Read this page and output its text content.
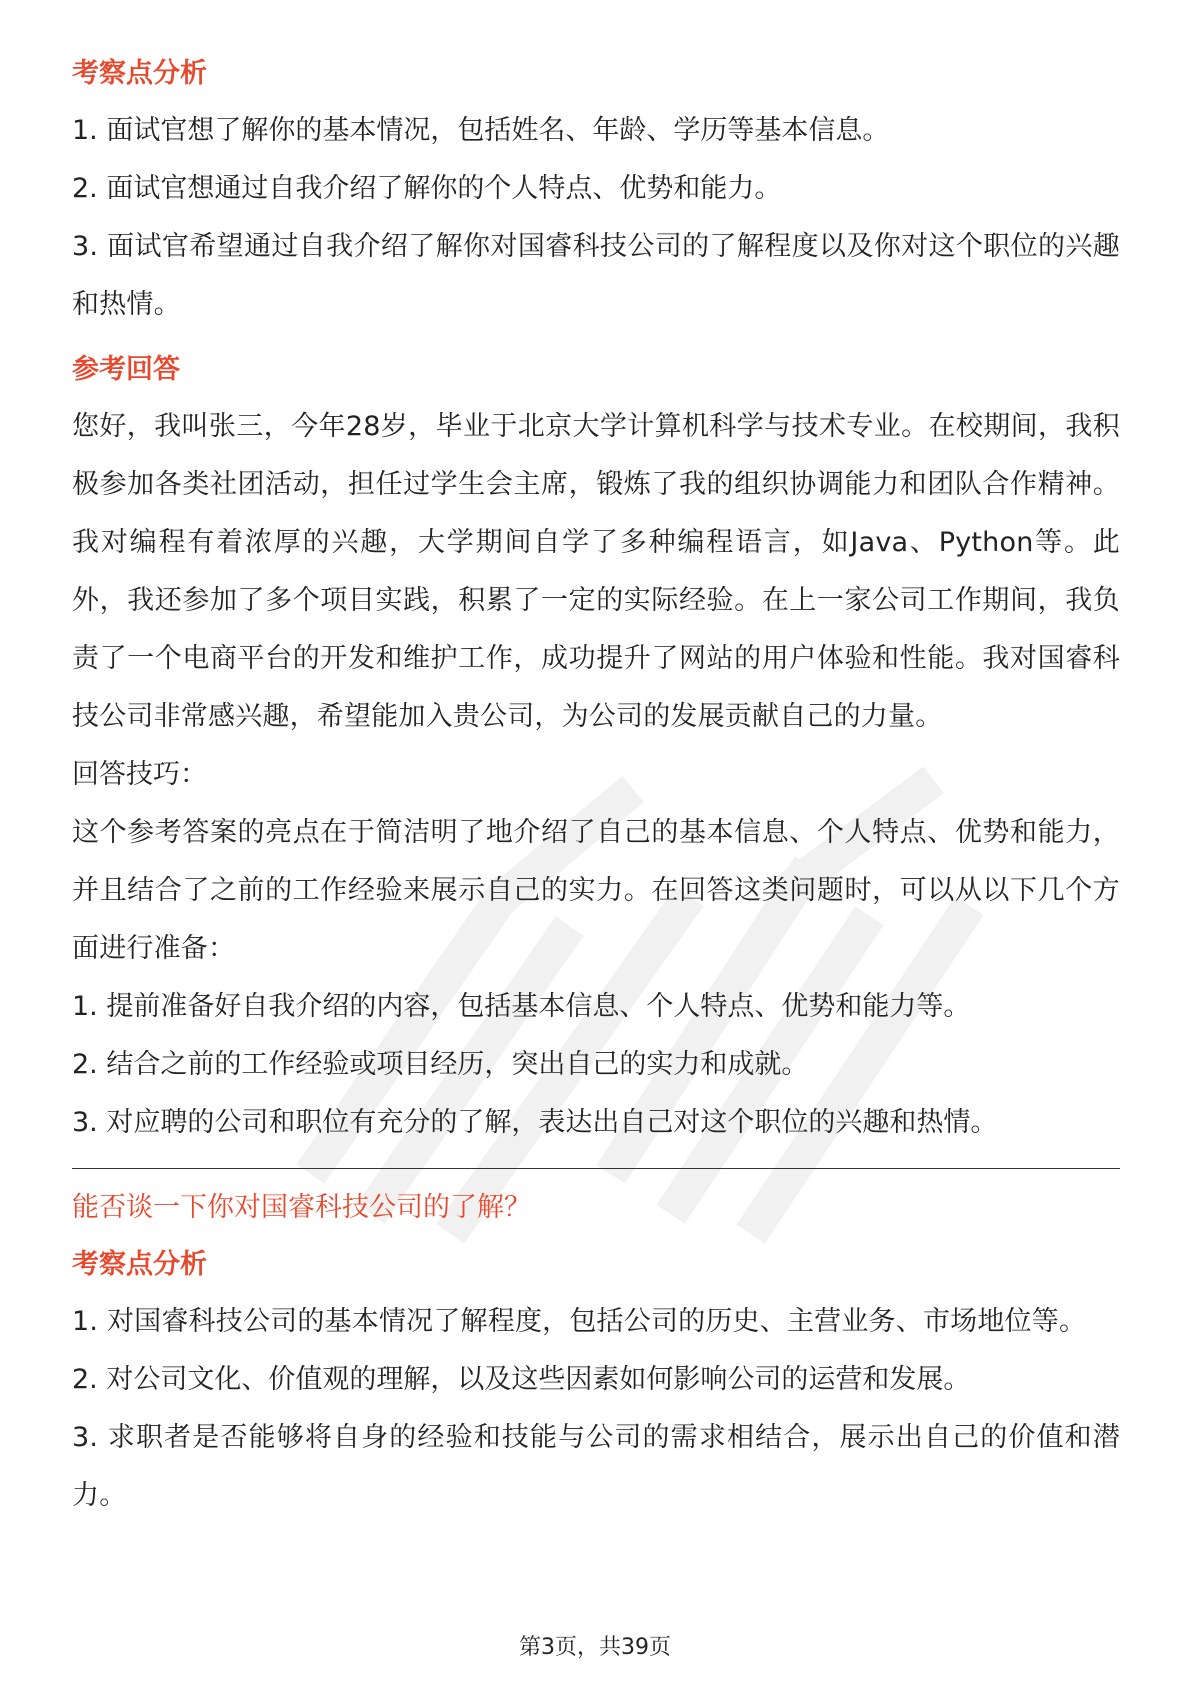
考察点分析
1. 面试官想了解你的基本情况，包括姓名、年龄、学历等基本信息。
2. 面试官想通过自我介绍了解你的个人特点、优势和能力。
3. 面试官希望通过自我介绍了解你对国睿科技公司的了解程度以及你对这个职位的兴趣和热情。
参考回答
您好，我叫张三，今年28岁，毕业于北京大学计算机科学与技术专业。在校期间，我积极参加各类社团活动，担任过学生会主席，锻炼了我的组织协调能力和团队合作精神。我对编程有着浓厚的兴趣，大学期间自学了多种编程语言，如Java、Python等。此外，我还参加了多个项目实践，积累了一定的实际经验。在上一家公司工作期间，我负责了一个电商平台的开发和维护工作，成功提升了网站的用户体验和性能。我对国睿科技公司非常感兴趣，希望能加入贵公司，为公司的发展贡献自己的力量。
回答技巧：
这个参考答案的亮点在于简洁明了地介绍了自己的基本信息、个人特点、优势和能力，并且结合了之前的工作经验来展示自己的实力。在回答这类问题时，可以从以下几个方面进行准备：
1. 提前准备好自我介绍的内容，包括基本信息、个人特点、优势和能力等。
2. 结合之前的工作经验或项目经历，突出自己的实力和成就。
3. 对应聘的公司和职位有充分的了解，表达出自己对这个职位的兴趣和热情。
能否谈一下你对国睿科技公司的了解？
考察点分析
1. 对国睿科技公司的基本情况了解程度，包括公司的历史、主营业务、市场地位等。
2. 对公司文化、价值观的理解，以及这些因素如何影响公司的运营和发展。
3. 求职者是否能够将自身的经验和技能与公司的需求相结合，展示出自己的价值和潜力。
第3页，共39页
